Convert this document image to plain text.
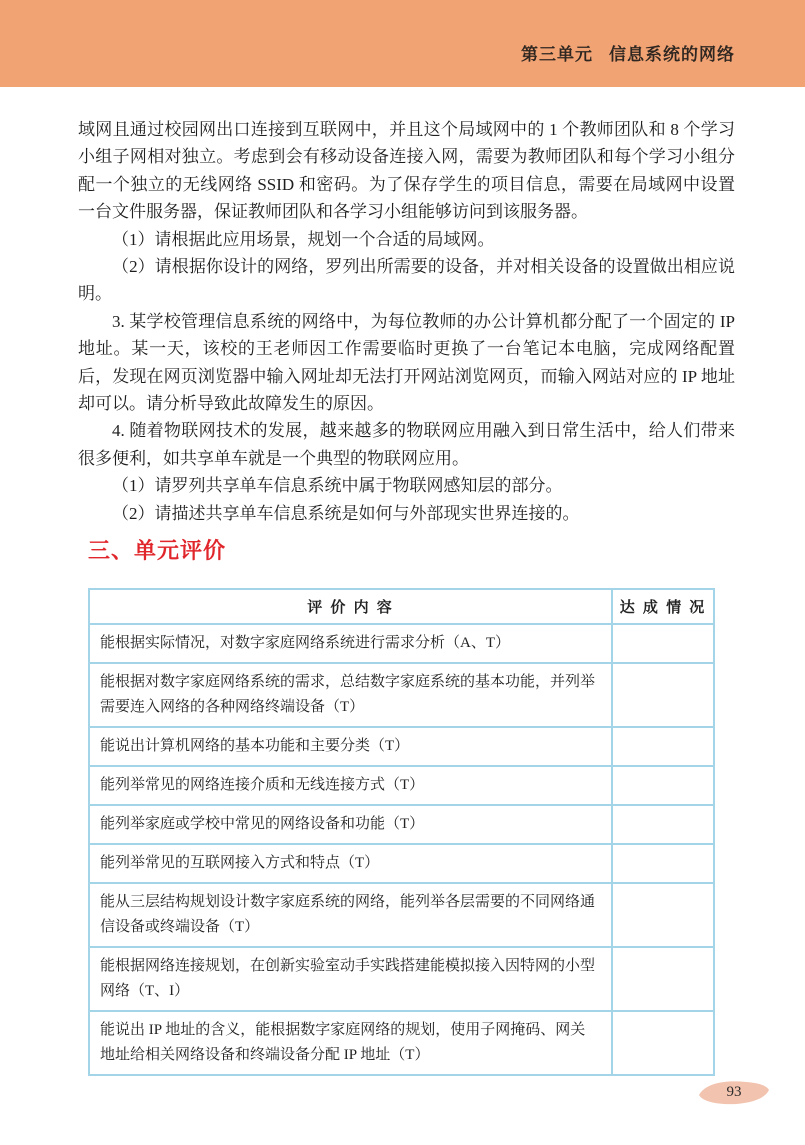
第三单元 信息系统的网络

域网且通过校园网出口连接到互联网中，并且这个局域网中的 1 个教师团队和 8 个学习小组子网相对独立。考虑到会有移动设备连接入网，需要为教师团队和每个学习小组分配一个独立的无线网络 SSID 和密码。为了保存学生的项目信息，需要在局域网中设置一台文件服务器，保证教师团队和各学习小组能够访问到该服务器。

（1）请根据此应用场景，规划一个合适的局域网。

（2）请根据你设计的网络，罗列出所需要的设备，并对相关设备的设置做出相应说明。

3. 某学校管理信息系统的网络中，为每位教师的办公计算机都分配了一个固定的 IP 地址。某一天，该校的王老师因工作需要临时更换了一台笔记本电脑，完成网络配置后，发现在网页浏览器中输入网址却无法打开网站浏览网页，而输入网站对应的 IP 地址却可以。请分析导致此故障发生的原因。

4. 随着物联网技术的发展，越来越多的物联网应用融入到日常生活中，给人们带来很多便利，如共享单车就是一个典型的物联网应用。

（1）请罗列共享单车信息系统中属于物联网感知层的部分。

（2）请描述共享单车信息系统是如何与外部现实世界连接的。

三、单元评价
评 价 内 容	达 成 情 况
能根据实际情况，对数字家庭网络系统进行需求分析（A、T）	
能根据对数字家庭网络系统的需求，总结数字家庭系统的基本功能，并列举需要连入网络的各种网络终端设备（T）	
能说出计算机网络的基本功能和主要分类（T）	
能列举常见的网络连接介质和无线连接方式（T）	
能列举家庭或学校中常见的网络设备和功能（T）	
能列举常见的互联网接入方式和特点（T）	
能从三层结构规划设计数字家庭系统的网络，能列举各层需要的不同网络通信设备或终端设备（T）	
能根据网络连接规划，在创新实验室动手实践搭建能模拟接入因特网的小型网络（T、I）	
能说出 IP 地址的含义，能根据数字家庭网络的规划，使用子网掩码、网关地址给相关网络设备和终端设备分配 IP 地址（T）	
93
